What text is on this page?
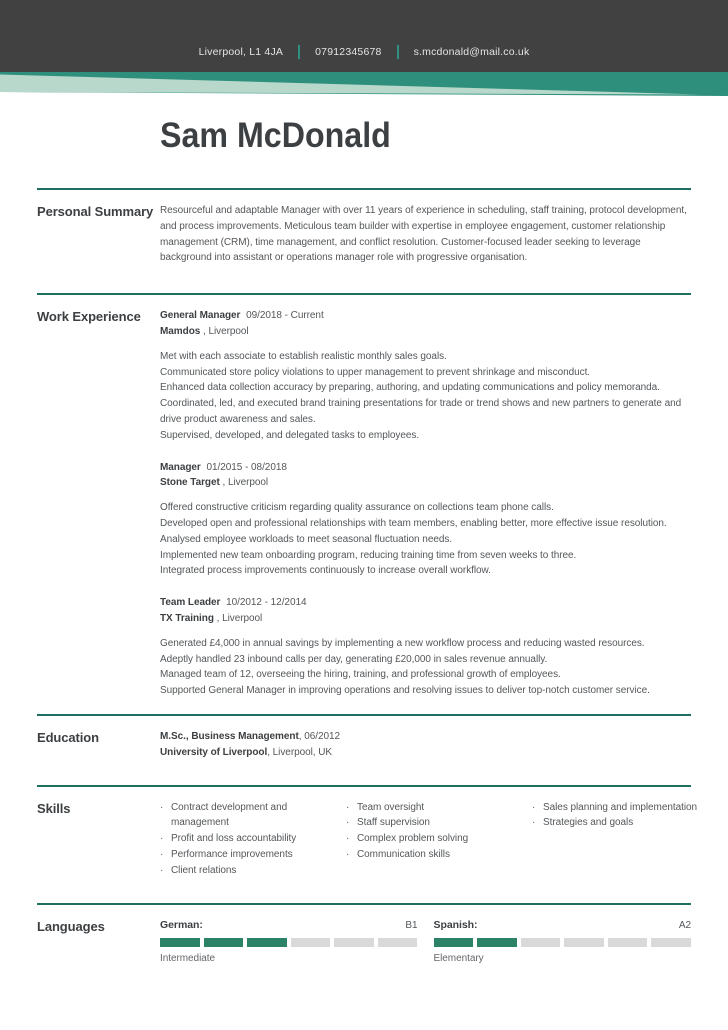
Liverpool, L1 4JA	07912345678	s.mcdonald@mail.co.uk
Sam McDonald
Personal Summary Resourceful and adaptable Manager with over 11 years of experience in scheduling, staff training, protocol development, and process improvements. Meticulous team builder with expertise in employee engagement, customer relationship management (CRM), time management, and conflict resolution. Customer-focused leader seeking to leverage background into assistant or operations manager role with progressive organisation.

Work Experience	General Manager 09/2018 - Current
Mamdos , Liverpool
Met with each associate to establish realistic monthly sales goals.
Communicated store policy violations to upper management to prevent shrinkage and misconduct.
Enhanced data collection accuracy by preparing, authoring, and updating communications and policy memoranda.
Coordinated, led, and executed brand training presentations for trade or trend shows and new partners to generate and drive product awareness and sales.
Supervised, developed, and delegated tasks to employees.
Manager 01/2015 - 08/2018
Stone Target , Liverpool
Offered constructive criticism regarding quality assurance on collections team phone calls.
Developed open and professional relationships with team members, enabling better, more effective issue resolution.
Analysed employee workloads to meet seasonal fluctuation needs.
Implemented new team onboarding program, reducing training time from seven weeks to three.
Integrated process improvements continuously to increase overall workflow.
Team Leader 10/2012 - 12/2014
TX Training , Liverpool
Generated £4,000 in annual savings by implementing a new workflow process and reducing wasted resources.
Adeptly handled 23 inbound calls per day, generating £20,000 in sales revenue annually.
Managed team of 12, overseeing the hiring, training, and professional growth of employees.
Supported General Manager in improving operations and resolving issues to deliver top-notch customer service.
Education	M.Sc., Business Management, 06/2012
University of Liverpool, Liverpool, UK
Skills	· Contract development and management
· Profit and loss accountability
· Performance improvements
· Client relations
· Team oversight
· Staff supervision
· Complex problem solving
· Communication skills
· Sales planning and implementation
· Strategies and goals
Languages	German:	B1
Intermediate
Spanish:	A2
Elementary
